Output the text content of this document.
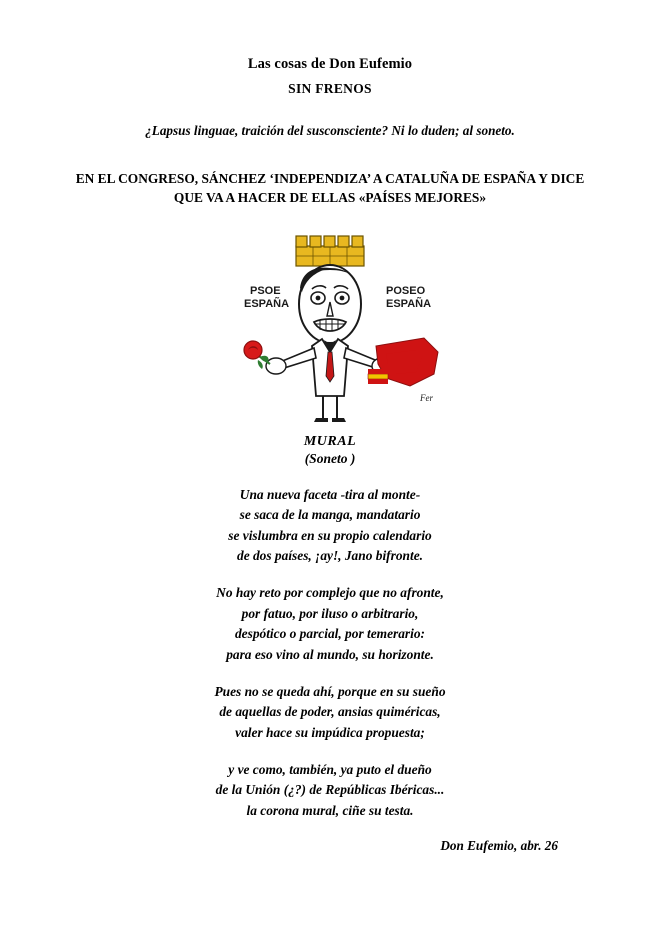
Las cosas de Don Eufemio
SIN FRENOS
¿Lapsus linguae, traición del susconsciente? Ni lo duden; al soneto.
EN EL CONGRESO, SÁNCHEZ ‘INDEPENDIZA’ A CATALUÑA DE ESPAÑA Y DICE
QUE VA A HACER DE ELLAS «PAÍSES MEJORES»
PSOE
ESPAÑA
POSEO
ESPAÑA
Fer
MURAL
(Soneto )
Una nueva faceta -tira al monte-
se saca de la manga, mandatario
se vislumbra en su propio calendario
de dos países, ¡ay!, Jano bifronte.
No hay reto por complejo que no afronte,
por fatuo, por iluso o arbitrario,
despótico o parcial, por temerario:
para eso vino al mundo, su horizonte.
Pues no se queda ahí, porque en su sueño
de aquellas de poder, ansias quiméricas,
valer hace su impúdica propuesta;
y ve como, también, ya puto el dueño
de la Unión (¿?) de Repúblicas Ibéricas...
la corona mural, ciñe su testa.
Don Eufemio, abr. 26
